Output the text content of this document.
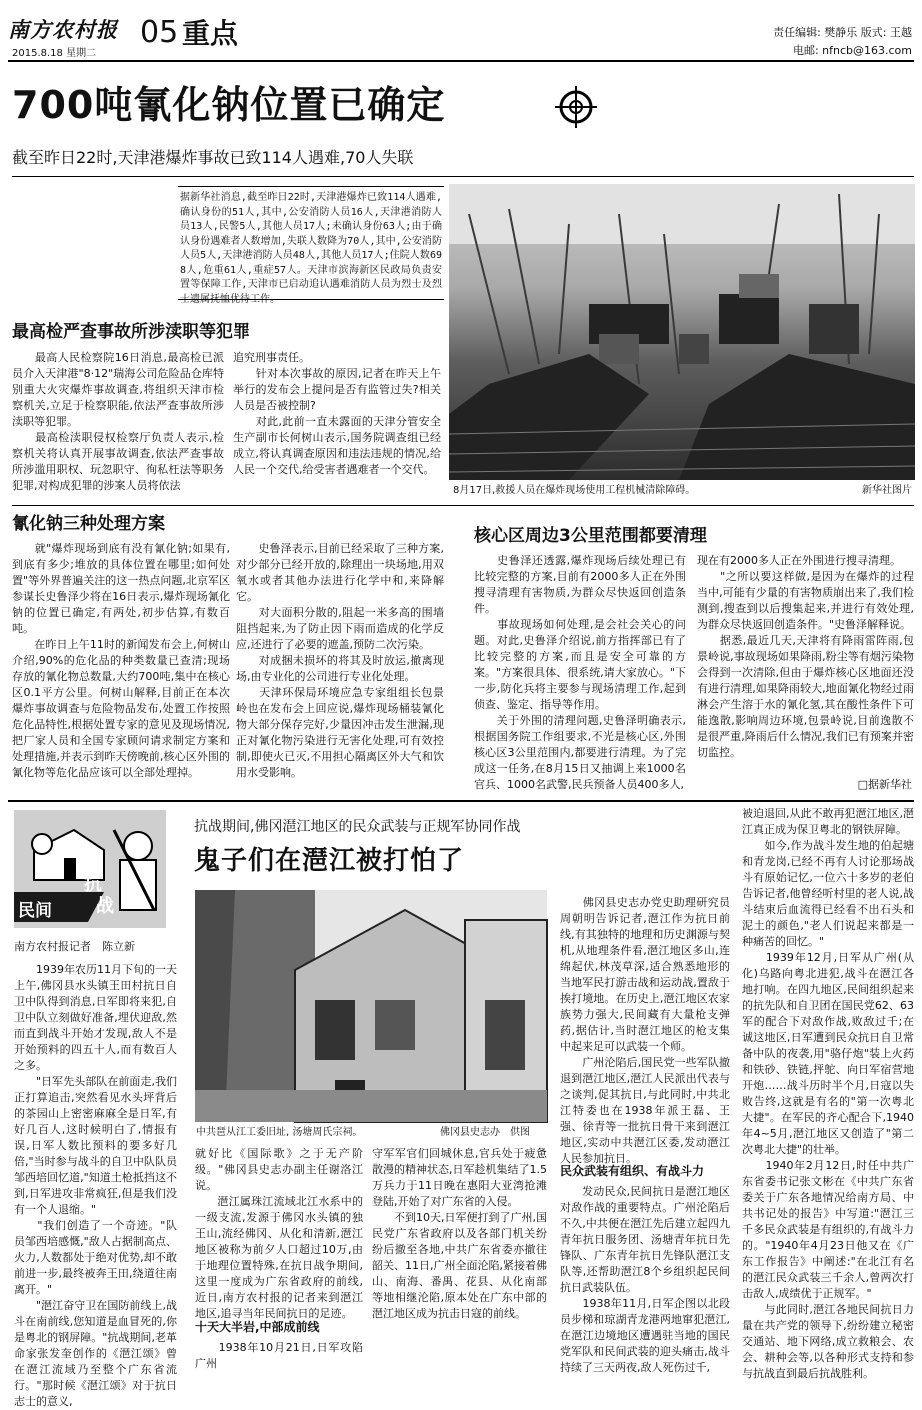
南方农村报
2015.8.18 星期二
05 重点	责任编辑: 樊静乐 版式: 王越
电邮: nfncb@163.com
700吨氰化钠位置已确定
截至昨日22时,天津港爆炸事故已致114人遇难,70人失联
据新华社消息,截至昨日22时,天津港爆炸已致114人遇难,确认身份的51人,其中,公安消防人员16人,天津港消防人员13人,民警5人,其他人员17人;未确认身份63人;由于确认身份遇难者人数增加,失联人数降为70人,其中,公安消防人员5人,天津港消防人员48人,其他人员17人;住院人数698人,危重61人,重症57人。天津市滨海新区民政局负责安置等保障工作,天津市已启动追认遇难消防人员为烈士及烈士遗属抚恤优待工作。
8月17日,救援人员在爆炸现场使用工程机械清除障碍。	新华社图片
最高检严查事故所涉渎职等犯罪
　　最高人民检察院16日消息,最高检已派员介入天津港"8·12"瑞海公司危险品仓库特别重大火灾爆炸事故调查,将组织天津市检察机关,立足于检察职能,依法严查事故所涉渎职等犯罪。
　　最高检渎职侵权检察厅负责人表示,检察机关将认真开展事故调查,依法严查事故所涉滥用职权、玩忽职守、徇私枉法等职务犯罪,对构成犯罪的涉案人员将依法
追究刑事责任。
　　针对本次事故的原因,记者在昨天上午举行的发布会上提问是否有监管过失?相关人员是否被控制?
　　对此,此前一直未露面的天津分管安全生产副市长何树山表示,国务院调查组已经成立,将认真调查原因和违法违规的情况,给人民一个交代,给受害者遇难者一个交代。
氰化钠三种处理方案
　　就"爆炸现场到底有没有氰化钠;如果有,到底有多少;堆放的具体位置在哪里;如何处置"等外界普遍关注的这一热点问题,北京军区参谋长史鲁泽少将在16日表示,爆炸现场氰化钠的位置已确定,有两处,初步估算,有数百吨。
　　在昨日上午11时的新闻发布会上,何树山介绍,90%的危化品的种类数量已查清;现场存放的氰化物总数量,大约700吨,集中在核心区0.1平方公里。何树山解释,目前正在本次爆炸事故调查与危险物品发布,处置工作按照危化品特性,根据处置专家的意见及现场情况,把厂家人员和全国专家顾问请求制定方案和处理措施,并表示到昨天傍晚前,核心区外围的氰化物等危化品应该可以全部处理掉。
　　史鲁泽表示,目前已经采取了三种方案,对少部分已经开放的,除理出一块场地,用双氧水或者其他办法进行化学中和,来降解它。
　　对大面积分散的,阻起一米多高的围墙阻挡起来,为了防止因下雨而造成的化学反应,还进行了必要的遮盖,预防二次污染。
　　对成捆未损坏的将其及时放运,撤离现场,由专业化的公司进行专业化处理。
　　天津环保局环境应急专家组组长包景岭也在发布会上回应说,爆炸现场桶装氰化物大部分保存完好,少量因冲击发生泄漏,现正对氰化物污染进行无害化处理,可有效控制,即使火已灭,不用担心隔离区外大气和饮用水受影响。
核心区周边3公里范围都要清理
　　史鲁泽还透露,爆炸现场后续处理已有比较完整的方案,目前有2000多人正在外围搜寻清理有害物质,为群众尽快返回创造条件。
　　事故现场如何处理,是会社会关心的问题。对此,史鲁泽介绍说,前方指挥部已有了比较完整的方案,而且是安全可靠的方案。"方案很具体、很系统,请大家放心。"下一步,防化兵将主要参与现场清理工作,起到侦查、鉴定、指导等作用。
　　关于外围的清理问题,史鲁泽明确表示,根据国务院工作组要求,不光是核心区,外围核心区3公里范围内,都要进行清理。为了完成这一任务,在8月15日又抽调上来1000名官兵、1000名武警,民兵预备人员400多人,
现在有2000多人正在外围进行搜寻清理。
　　"之所以要这样做,是因为在爆炸的过程当中,可能有少量的有害物质崩出来了,我们检测到,搜查到以后搜集起来,并进行有效处理,为群众尽快返回创造条件。"史鲁泽解释说。
　　据悉,最近几天,天津将有降雨雷阵雨,包景岭说,事故现场如果降雨,粉尘等有烟污染物会得到一次清除,但由于爆炸核心区地面还没有进行清理,如果降雨较大,地面氰化物经过雨淋会产生溶于水的氰化氢,其在酸性条件下可能逸散,影响周边环境,包景岭说,目前逸散不是很严重,降雨后什么情况,我们已有预案并密切监控。
□据新华社
民间
抗
战
南方农村报记者　陈立新
抗战期间,佛冈潖江地区的民众武装与正规军协同作战
鬼子们在潖江被打怕了
中共琶从江工委旧址, 汤塘周氏宗祠。	佛冈县史志办　供图
　　1939年农历11月下旬的一天上午,佛冈县水头镇王田村抗日自卫中队得到消息,日军即将来犯,自卫中队立刻做好准备,埋伏迎敌,然而直到战斗开始才发现,敌人不是开始预料的四五十人,而有数百人之多。
　　"日军先头部队在前面走,我们正打算追击,突然看见水头坪背后的茶园山上密密麻麻全是日军,有好几百人,这时候明白了,情报有误,日军人数比预料的要多好几倍,"当时参与战斗的自卫中队队员邹西培回忆道,"知道土枪抵挡这不到,日军进攻非常疯狂,但是我们没有一个人退缩。"
　　"我们创造了一个奇迹。"队员邹西培感慨,"敌人占据制高点、火力,人数都处于绝对优势,却不敢前进一步,最终被奔王田,绕道往南离开。"
　　"潖江奋守卫在国防前线上,战斗在南前线,您知道是血冒死的,你是粤北的钢屏障。"抗战期间,老革命家张发奎创作的《潖江颂》曾在潖江流域乃至整个广东省流行。"那时候《潖江颂》对于抗日志士的意义,
就好比《国际歌》之于无产阶级。"佛冈县史志办副主任谢洛江说。
　　潖江属珠江流域北江水系中的一级支流,发源于佛冈水头镇的独王山,流经佛冈、从化和清新,潖江地区被称为前夕人口超过10万,由于地理位置特殊,在抗日战争期间,这里一度成为广东省政府的前线,近日,南方农村报的记者来到潖江地区,追寻当年民间抗日的足迹。
十天大半岩,中部成前线
　　1938年10月21日,日军攻陷广州
守军军官们回城休息,官兵处于疲惫散漫的精神状态,日军趁机集结了1.5万兵力于11日晚在惠阳大亚湾抢滩登陆,开始了对广东省的入侵。
　　不到10天,日军便打到了广州,国民党广东省政府以及各部门机关纷纷后撤至各地,中共广东省委亦撤往韶关、11日,广州全面沦陷,紧接着佛山、南海、番禺、花县、从化南部等地相继沦陷,原本处在广东中部的潖江地区成为抗击日寇的前线。
　　佛冈县史志办党史助理研究员周朝明告诉记者,潖江作为抗日前线,有其独特的地理和历史渊源与契机,从地理条件看,潖江地区多山,连绵起伏,林茂草深,适合熟悉地形的当地军民打游击战和运动战,置敌于挨打境地。在历史上,潖江地区农家族势力强大,民间藏有大量枪支弹药,据估计,当时潖江地区的枪支集中起来足可以武装一个师。
　　广州沦陷后,国民党一些军队撤退到潖江地区,潖江人民派出代表与之谈判,促其抗日,与此同时,中共北江特委也在1938年派王磊、王强、徐青等一批抗日骨干来到潖江地区,实动中共潖江区委,发动潖江人民参加抗日。
民众武装有组织、有战斗力
　　发动民众,民间抗日是潖江地区对敌作战的重要特点。广州沦陷后不久,中共便在潖江先后建立起四九青年抗日服务团、汤塘青年抗日先锋队、广东青年抗日先锋队潖江支队等,还帮助潖江8个乡组织起民间抗日武装队伍。
　　1938年11月,日军企图以北段员步梯和琼湖青龙港两地窜犯潖江,在潖江边境地区遭遇驻当地的国民党军队和民间武装的迎头痛击,战斗持续了三天两夜,敌人死伤过千,
被迫退回,从此不敢再犯潖江地区,潖江真正成为保卫粤北的钢铁屏障。
　　如今,作为战斗发生地的伯起塘和青龙岗,已经不再有人讨论那场战斗有原始记忆,一位六十多岁的老伯告诉记者,他曾经听村里的老人说,战斗结束后血流得已经看不出石头和泥土的颜色,"老人们说起来都是一种痛苦的回忆。"
　　1939年12月,日军从广州(从化)乌路向粤北进犯,战斗在潖江各地打响。在四九地区,民间组织起来的抗先队和自卫团在国民党62、63军的配合下对敌作战,败敌过千;在诚这地区,日军遭到民众抗日自卫常备中队的夜袭,用"骆仔炮"装上火药和铁砂、铁链,抨鸵、向日军宿营地开炮……战斗历时半个月,日寇以失败告终,这就是有名的"第一次粤北大捷"。在军民的齐心配合下,1940年4~5月,潖江地区又创造了"第二次粤北大捷"的壮举。
　　1940年2月12日,时任中共广东省委书记张文彬在《中共广东省委关于广东各地情况给南方局、中共书记处的报告》中写道:"潖江三千多民众武装是有组织的,有战斗力的。"1940年4月23日他又在《广东工作报告》中阐述:"在北江有名的潖江民众武装三千余人,曾两次打击敌人,成绩优于正规军。"
　　与此同时,潖江各地民间抗日力量在共产党的领导下,纷纷建立秘密交通站、地下网络,成立救粮会、农会、耕种会等,以各种形式支持和参与抗战直到最后抗战胜利。
